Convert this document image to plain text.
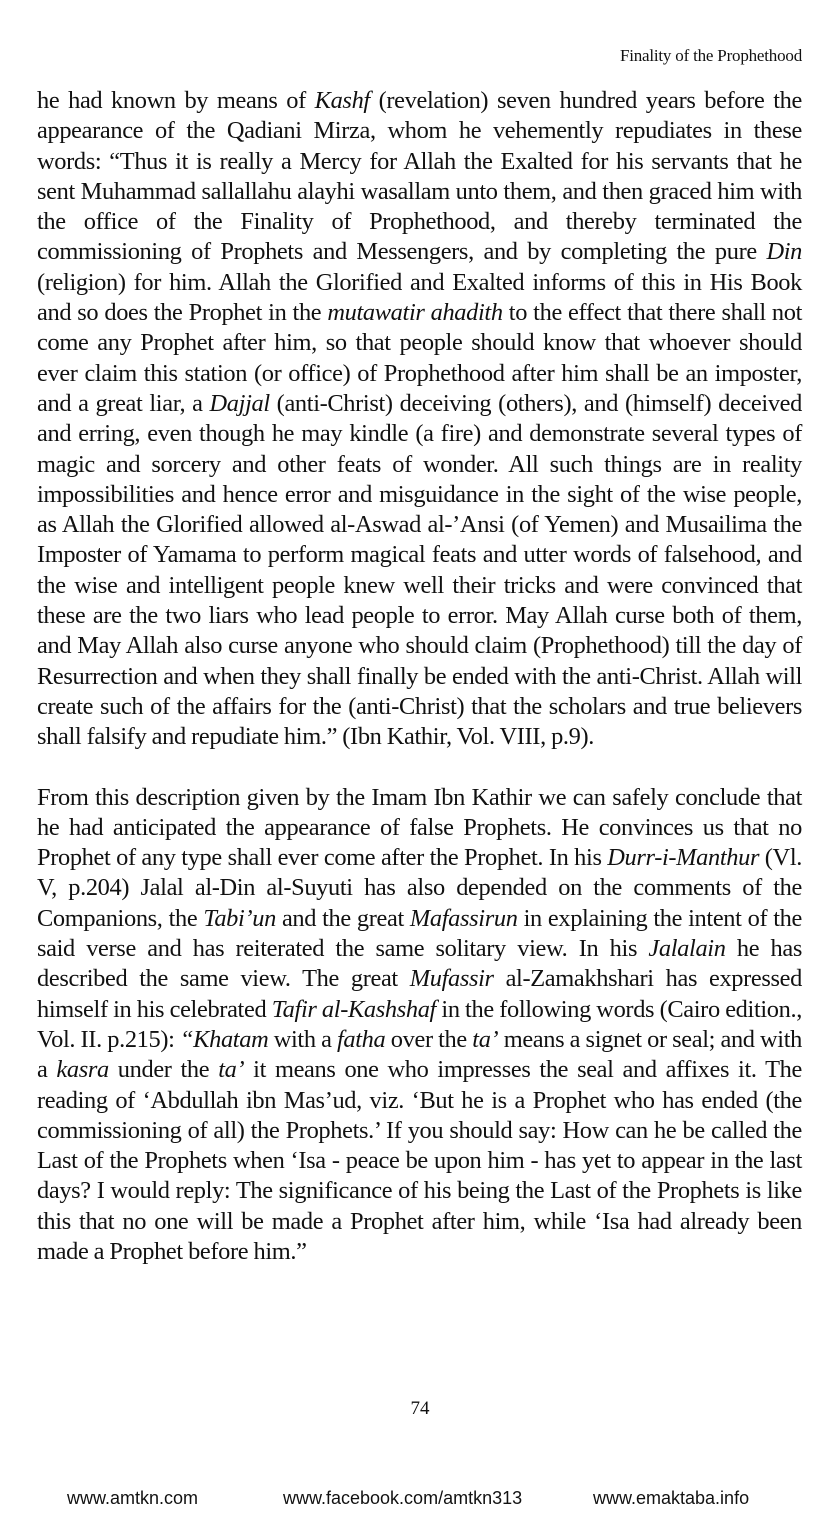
Finality of the Prophethood

he had known by means of Kashf (revelation) seven hundred years before the appearance of the Qadiani Mirza, whom he vehemently repudiates in these words: “Thus it is really a Mercy for Allah the Exalted for his servants that he sent Muhammad sallallahu alayhi wasallam unto them, and then graced him with the office of the Finality of Prophethood, and thereby terminated the commissioning of Prophets and Messengers, and by completing the pure Din (religion) for him. Allah the Glorified and Exalted informs of this in His Book and so does the Prophet in the mutawatir ahadith to the effect that there shall not come any Prophet after him, so that people should know that whoever should ever claim this station (or office) of Prophethood after him shall be an imposter, and a great liar, a Dajjal (anti-Christ) deceiving (others), and (himself) deceived and erring, even though he may kindle (a fire) and demonstrate several types of magic and sorcery and other feats of wonder. All such things are in reality impossibilities and hence error and misguidance in the sight of the wise people, as Allah the Glorified allowed al-Aswad al-’Ansi (of Yemen) and Musailima the Imposter of Yamama to perform magical feats and utter words of falsehood, and the wise and intelligent people knew well their tricks and were convinced that these are the two liars who lead people to error. May Allah curse both of them, and May Allah also curse anyone who should claim (Prophethood) till the day of Resurrection and when they shall finally be ended with the anti-Christ. Allah will create such of the affairs for the (anti-Christ) that the scholars and true believers shall falsify and repudiate him.” (Ibn Kathir, Vol. VIII, p.9).

From this description given by the Imam Ibn Kathir we can safely conclude that he had anticipated the appearance of false Prophets. He convinces us that no Prophet of any type shall ever come after the Prophet. In his Durr-i-Manthur (Vl. V, p.204) Jalal al-Din al-Suyuti has also depended on the comments of the Companions, the Tabi’un and the great Mafassirun in explaining the intent of the said verse and has reiterated the same solitary view. In his Jalalain he has described the same view. The great Mufassir al-Zamakhshari has expressed himself in his celebrated Tafir al-Kashshaf in the following words (Cairo edition., Vol. II. p.215): “Khatam with a fatha over the ta’ means a signet or seal; and with a kasra under the ta’ it means one who impresses the seal and affixes it. The reading of ‘Abdullah ibn Mas’ud, viz. ‘But he is a Prophet who has ended (the commissioning of all) the Prophets.’ If you should say: How can he be called the Last of the Prophets when ‘Isa - peace be upon him - has yet to appear in the last days? I would reply: The significance of his being the Last of the Prophets is like this that no one will be made a Prophet after him, while ‘Isa had already been made a Prophet before him.”

74
www.amtkn.com	www.facebook.com/amtkn313	www.emaktaba.info
